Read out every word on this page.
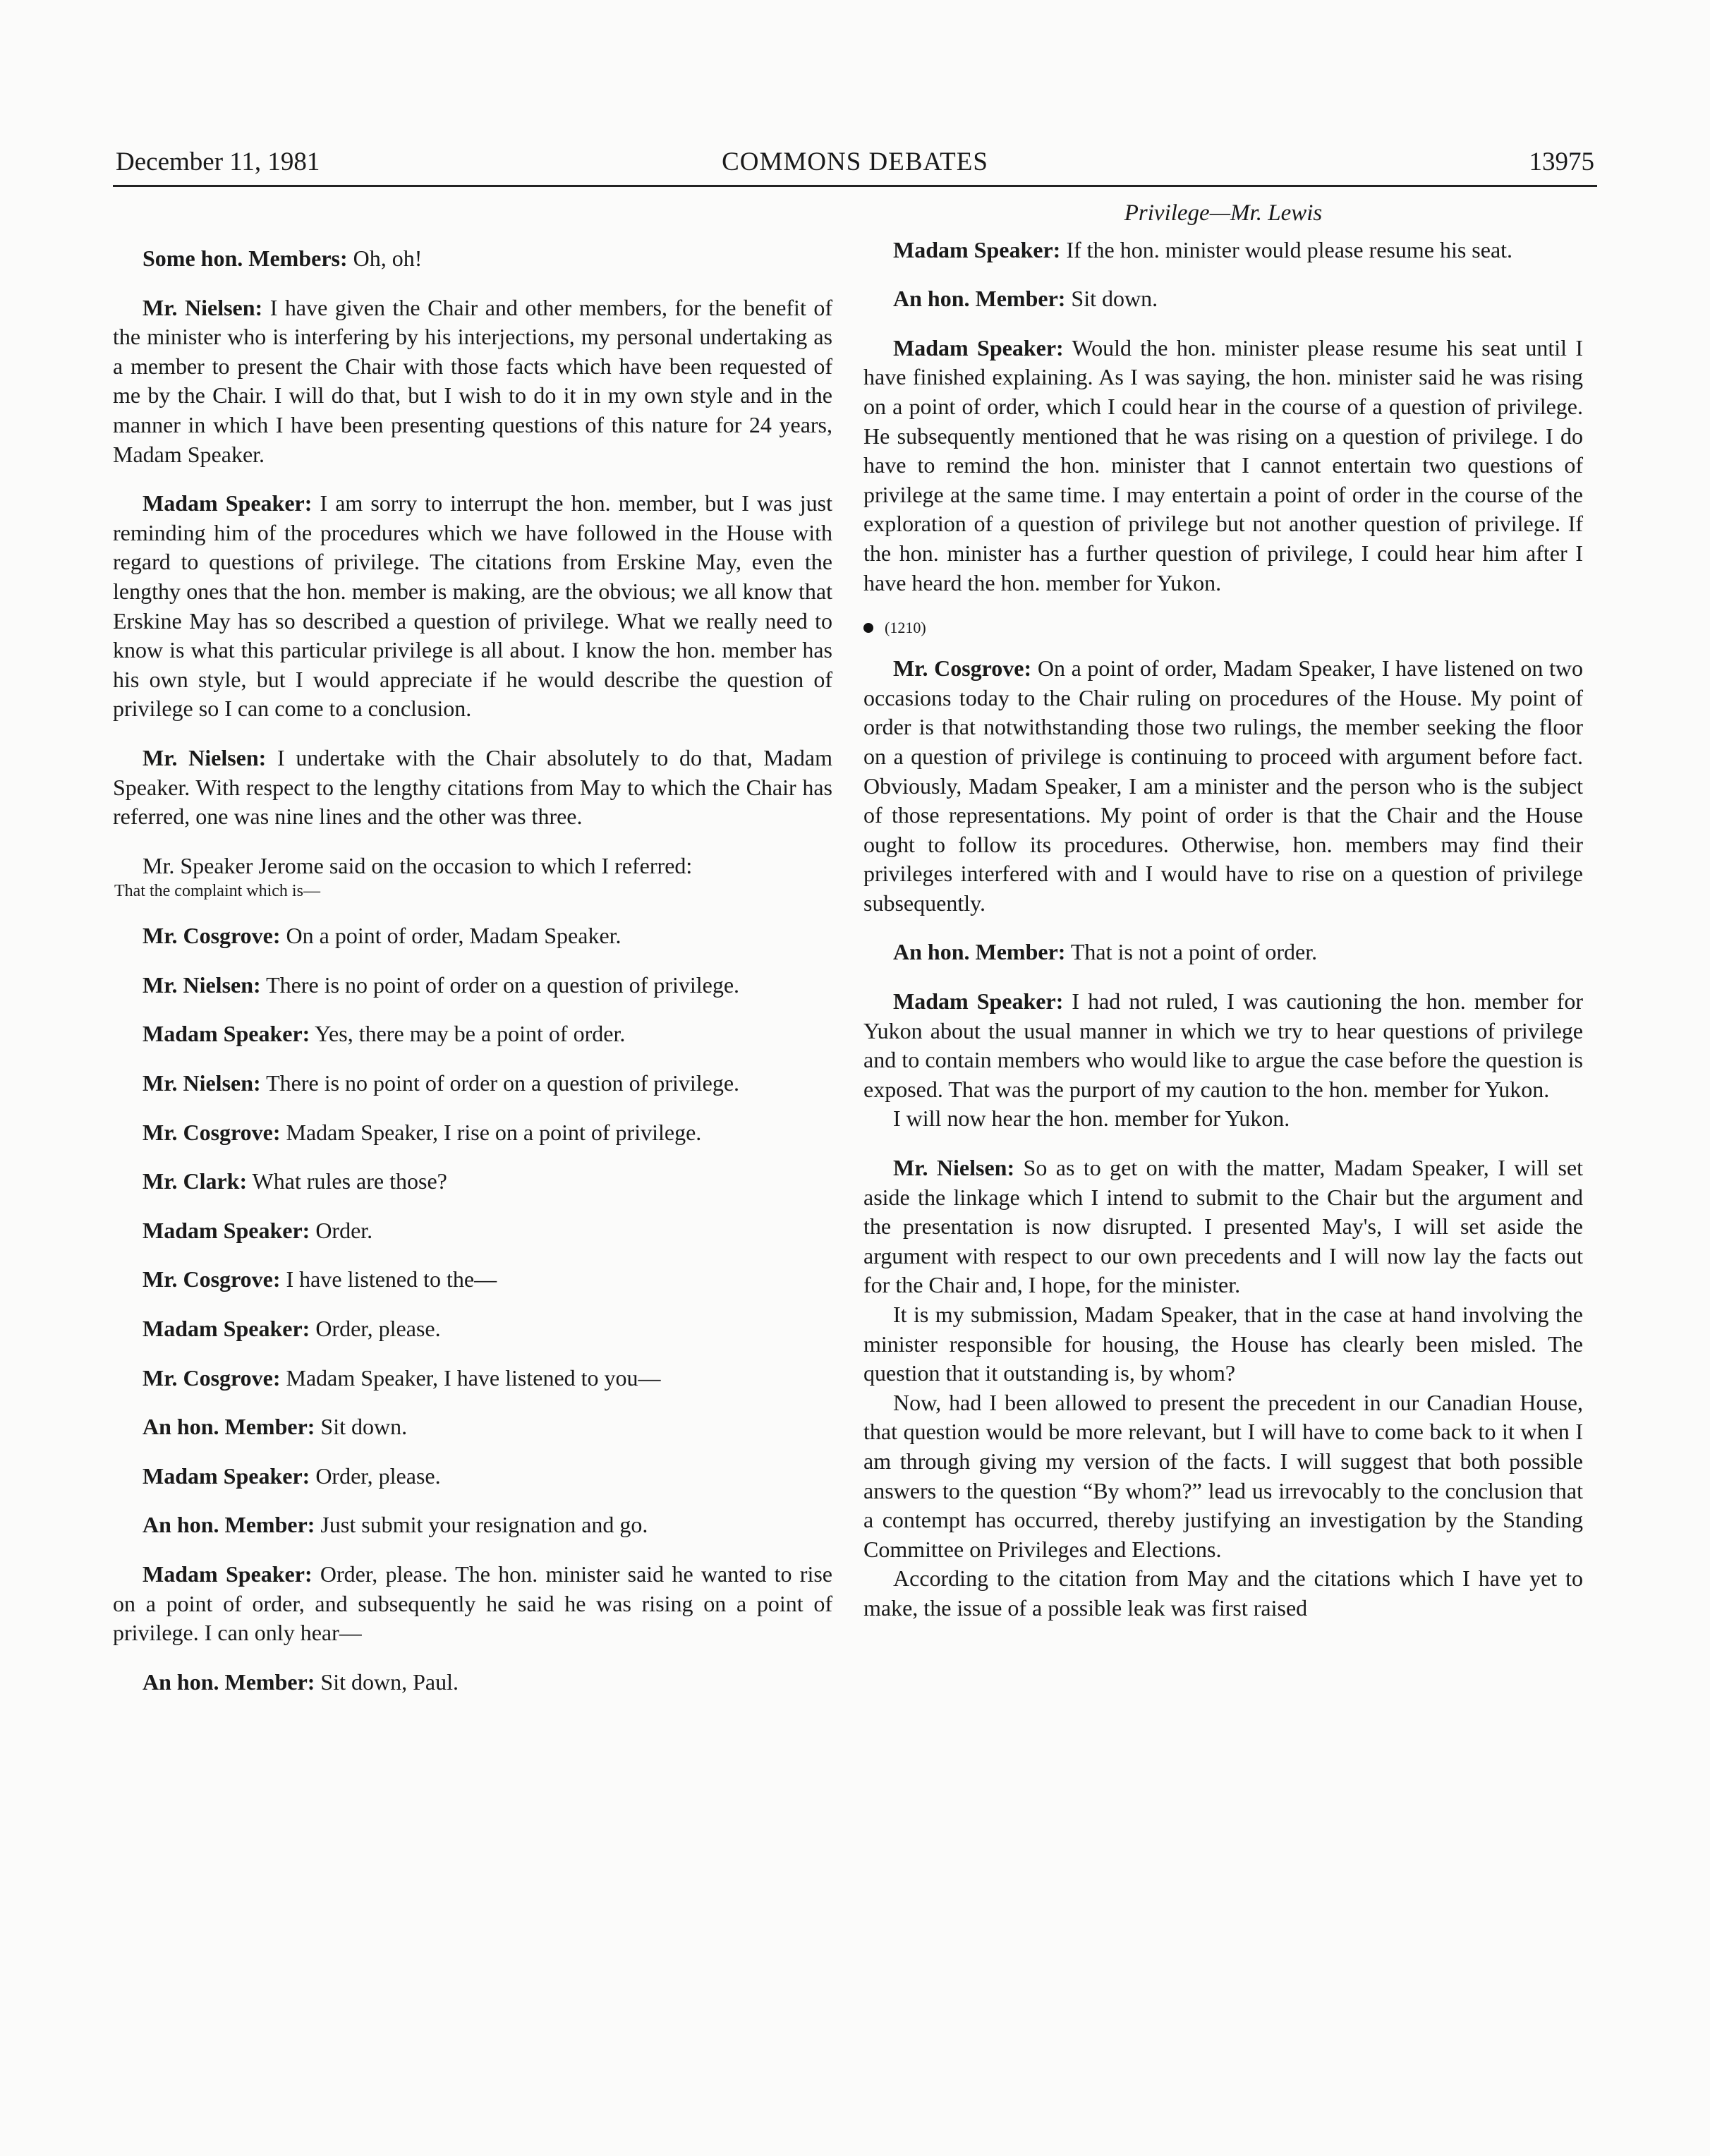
December 11, 1981	COMMONS DEBATES	13975

Some hon. Members: Oh, oh!

Mr. Nielsen: I have given the Chair and other members, for the benefit of the minister who is interfering by his interjections, my personal undertaking as a member to present the Chair with those facts which have been requested of me by the Chair. I will do that, but I wish to do it in my own style and in the manner in which I have been presenting questions of this nature for 24 years, Madam Speaker.

Madam Speaker: I am sorry to interrupt the hon. member, but I was just reminding him of the procedures which we have followed in the House with regard to questions of privilege. The citations from Erskine May, even the lengthy ones that the hon. member is making, are the obvious; we all know that Erskine May has so described a question of privilege. What we really need to know is what this particular privilege is all about. I know the hon. member has his own style, but I would appreciate if he would describe the question of privilege so I can come to a conclusion.

Mr. Nielsen: I undertake with the Chair absolutely to do that, Madam Speaker. With respect to the lengthy citations from May to which the Chair has referred, one was nine lines and the other was three.

Mr. Speaker Jerome said on the occasion to which I referred:

That the complaint which is—

Mr. Cosgrove: On a point of order, Madam Speaker.

Mr. Nielsen: There is no point of order on a question of privilege.

Madam Speaker: Yes, there may be a point of order.

Mr. Nielsen: There is no point of order on a question of privilege.

Mr. Cosgrove: Madam Speaker, I rise on a point of privilege.

Mr. Clark: What rules are those?

Madam Speaker: Order.

Mr. Cosgrove: I have listened to the—

Madam Speaker: Order, please.

Mr. Cosgrove: Madam Speaker, I have listened to you—

An hon. Member: Sit down.

Madam Speaker: Order, please.

An hon. Member: Just submit your resignation and go.

Madam Speaker: Order, please. The hon. minister said he wanted to rise on a point of order, and subsequently he said he was rising on a point of privilege. I can only hear—

An hon. Member: Sit down, Paul.

Privilege—Mr. Lewis

Madam Speaker: If the hon. minister would please resume his seat.

An hon. Member: Sit down.

Madam Speaker: Would the hon. minister please resume his seat until I have finished explaining. As I was saying, the hon. minister said he was rising on a point of order, which I could hear in the course of a question of privilege. He subsequently mentioned that he was rising on a question of privilege. I do have to remind the hon. minister that I cannot entertain two questions of privilege at the same time. I may entertain a point of order in the course of the exploration of a question of privilege but not another question of privilege. If the hon. minister has a further question of privilege, I could hear him after I have heard the hon. member for Yukon.

(1210)

Mr. Cosgrove: On a point of order, Madam Speaker, I have listened on two occasions today to the Chair ruling on procedures of the House. My point of order is that notwithstanding those two rulings, the member seeking the floor on a question of privilege is continuing to proceed with argument before fact. Obviously, Madam Speaker, I am a minister and the person who is the subject of those representations. My point of order is that the Chair and the House ought to follow its procedures. Otherwise, hon. members may find their privileges interfered with and I would have to rise on a question of privilege subsequently.

An hon. Member: That is not a point of order.

Madam Speaker: I had not ruled, I was cautioning the hon. member for Yukon about the usual manner in which we try to hear questions of privilege and to contain members who would like to argue the case before the question is exposed. That was the purport of my caution to the hon. member for Yukon.

I will now hear the hon. member for Yukon.

Mr. Nielsen: So as to get on with the matter, Madam Speaker, I will set aside the linkage which I intend to submit to the Chair but the argument and the presentation is now disrupted. I presented May's, I will set aside the argument with respect to our own precedents and I will now lay the facts out for the Chair and, I hope, for the minister.

It is my submission, Madam Speaker, that in the case at hand involving the minister responsible for housing, the House has clearly been misled. The question that it outstanding is, by whom?

Now, had I been allowed to present the precedent in our Canadian House, that question would be more relevant, but I will have to come back to it when I am through giving my version of the facts. I will suggest that both possible answers to the question “By whom?” lead us irrevocably to the conclusion that a contempt has occurred, thereby justifying an investigation by the Standing Committee on Privileges and Elections.

According to the citation from May and the citations which I have yet to make, the issue of a possible leak was first raised
